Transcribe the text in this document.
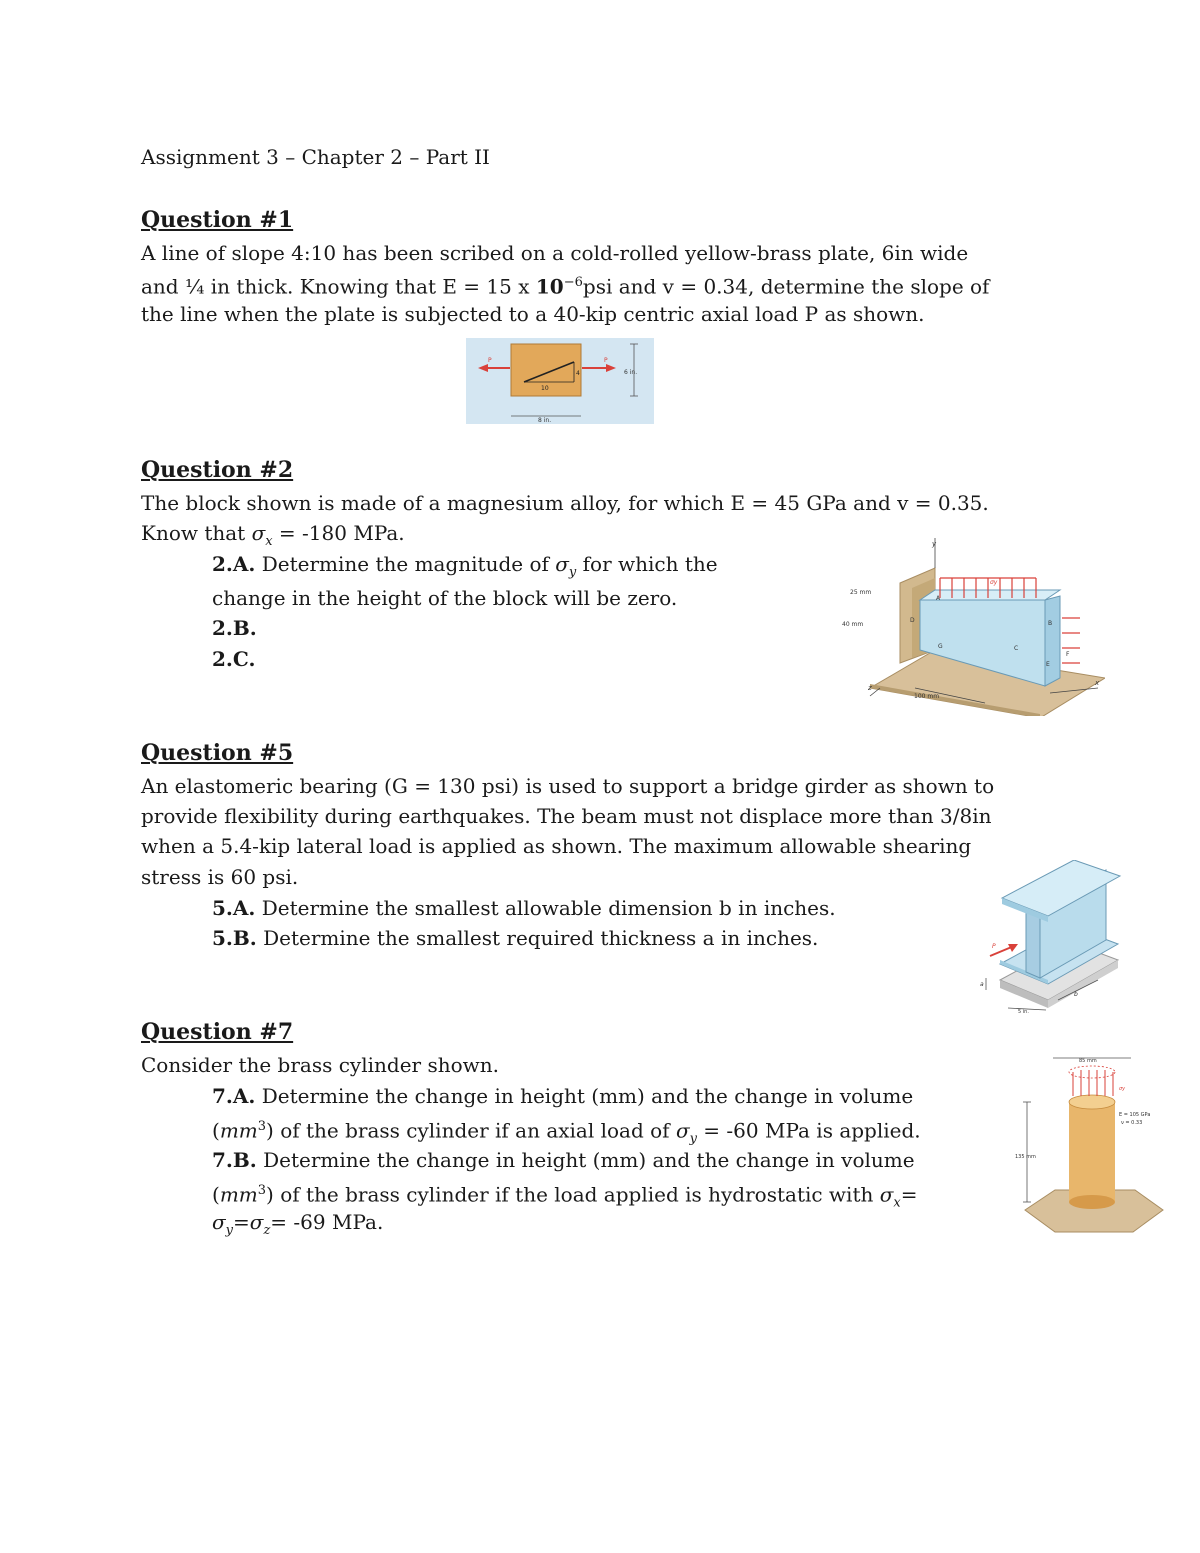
Assignment 3 – Chapter 2 – Part II
Question #1
A line of slope 4:10 has been scribed on a cold-rolled yellow-brass plate, 6in wide
and ¼ in thick. Knowing that E = 15 x $10^{-6}psi$ and v = 0.34, determine the slope of
the line when the plate is subjected to a 40-kip centric axial load P as shown.
P	P
4
10
6 in.
8 in.
Question #2
The block shown is made of a magnesium alloy, for which E = 45 GPa and v = 0.35.
Know that $\sigma_x = -180$ MPa.
2.A. Determine the magnitude of $\sigma_y$ for which the
change in the height of the block will be zero.
2.B.
2.C.
y
x
z
25 mm
40 mm
100 mm
σy
A
B
C
D
E
G
F
Question #5
An elastomeric bearing (G = 130 psi) is used to support a bridge girder as shown to
provide flexibility during earthquakes. The beam must not displace more than 3/8in
when a 5.4-kip lateral load is applied as shown. The maximum allowable shearing
stress is 60 psi.
5.A. Determine the smallest allowable dimension b in inches.
5.B. Determine the smallest required thickness a in inches.	P
a
5 in.
b
Question #7
Consider the brass cylinder shown.
7.A. Determine the change in height (mm) and the change in volume
$(mm^3)$ of the brass cylinder if an axial load of $\sigma_y = -60$ MPa is applied.
7.B. Determine the change in height (mm) and the change in volume
$(mm^3)$ of the brass cylinder if the load applied is hydrostatic with $\sigma_x=$
$\sigma_y=\sigma_z= -69$ MPa.
85 mm
135 mm
E = 105 GPa
ν = 0.33
σy
